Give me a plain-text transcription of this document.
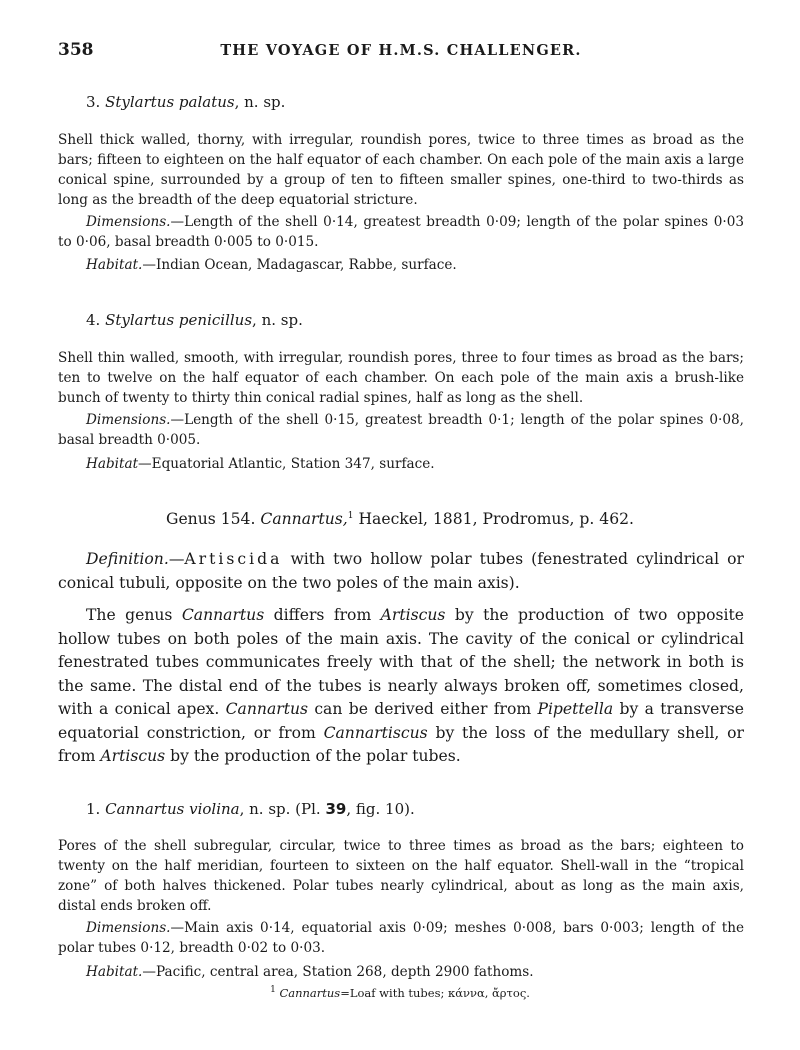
358	THE VOYAGE OF H.M.S. CHALLENGER.
3. Stylartus palatus, n. sp.
Shell thick walled, thorny, with irregular, roundish pores, twice to three times as broad as the bars; fifteen to eighteen on the half equator of each chamber. On each pole of the main axis a large conical spine, surrounded by a group of ten to fifteen smaller spines, one-third to two-thirds as long as the breadth of the deep equatorial stricture.
Dimensions.—Length of the shell 0·14, greatest breadth 0·09; length of the polar spines 0·03 to 0·06, basal breadth 0·005 to 0·015.
Habitat.—Indian Ocean, Madagascar, Rabbe, surface.
4. Stylartus penicillus, n. sp.
Shell thin walled, smooth, with irregular, roundish pores, three to four times as broad as the bars; ten to twelve on the half equator of each chamber. On each pole of the main axis a brush-like bunch of twenty to thirty thin conical radial spines, half as long as the shell.
Dimensions.—Length of the shell 0·15, greatest breadth 0·1; length of the polar spines 0·08, basal breadth 0·005.
Habitat—Equatorial Atlantic, Station 347, surface.
Genus 154. Cannartus,$^1$ Haeckel, 1881, Prodromus, p. 462.
Definition.—Artiscida with two hollow polar tubes (fenestrated cylindrical or conical tubuli, opposite on the two poles of the main axis).
The genus Cannartus differs from Artiscus by the production of two opposite hollow tubes on both poles of the main axis. The cavity of the conical or cylindrical fenestrated tubes communicates freely with that of the shell; the network in both is the same. The distal end of the tubes is nearly always broken off, sometimes closed, with a conical apex. Cannartus can be derived either from Pipettella by a transverse equatorial constriction, or from Cannartiscus by the loss of the medullary shell, or from Artiscus by the production of the polar tubes.
1. Cannartus violina, n. sp. (Pl. 39, fig. 10).
Pores of the shell subregular, circular, twice to three times as broad as the bars; eighteen to twenty on the half meridian, fourteen to sixteen on the half equator. Shell-wall in the “tropical zone” of both halves thickened. Polar tubes nearly cylindrical, about as long as the main axis, distal ends broken off.
Dimensions.—Main axis 0·14, equatorial axis 0·09; meshes 0·008, bars 0·003; length of the polar tubes 0·12, breadth 0·02 to 0·03.
Habitat.—Pacific, central area, Station 268, depth 2900 fathoms.
$^1$ Cannartus=Loaf with tubes; κάννα, ἄρτος.
